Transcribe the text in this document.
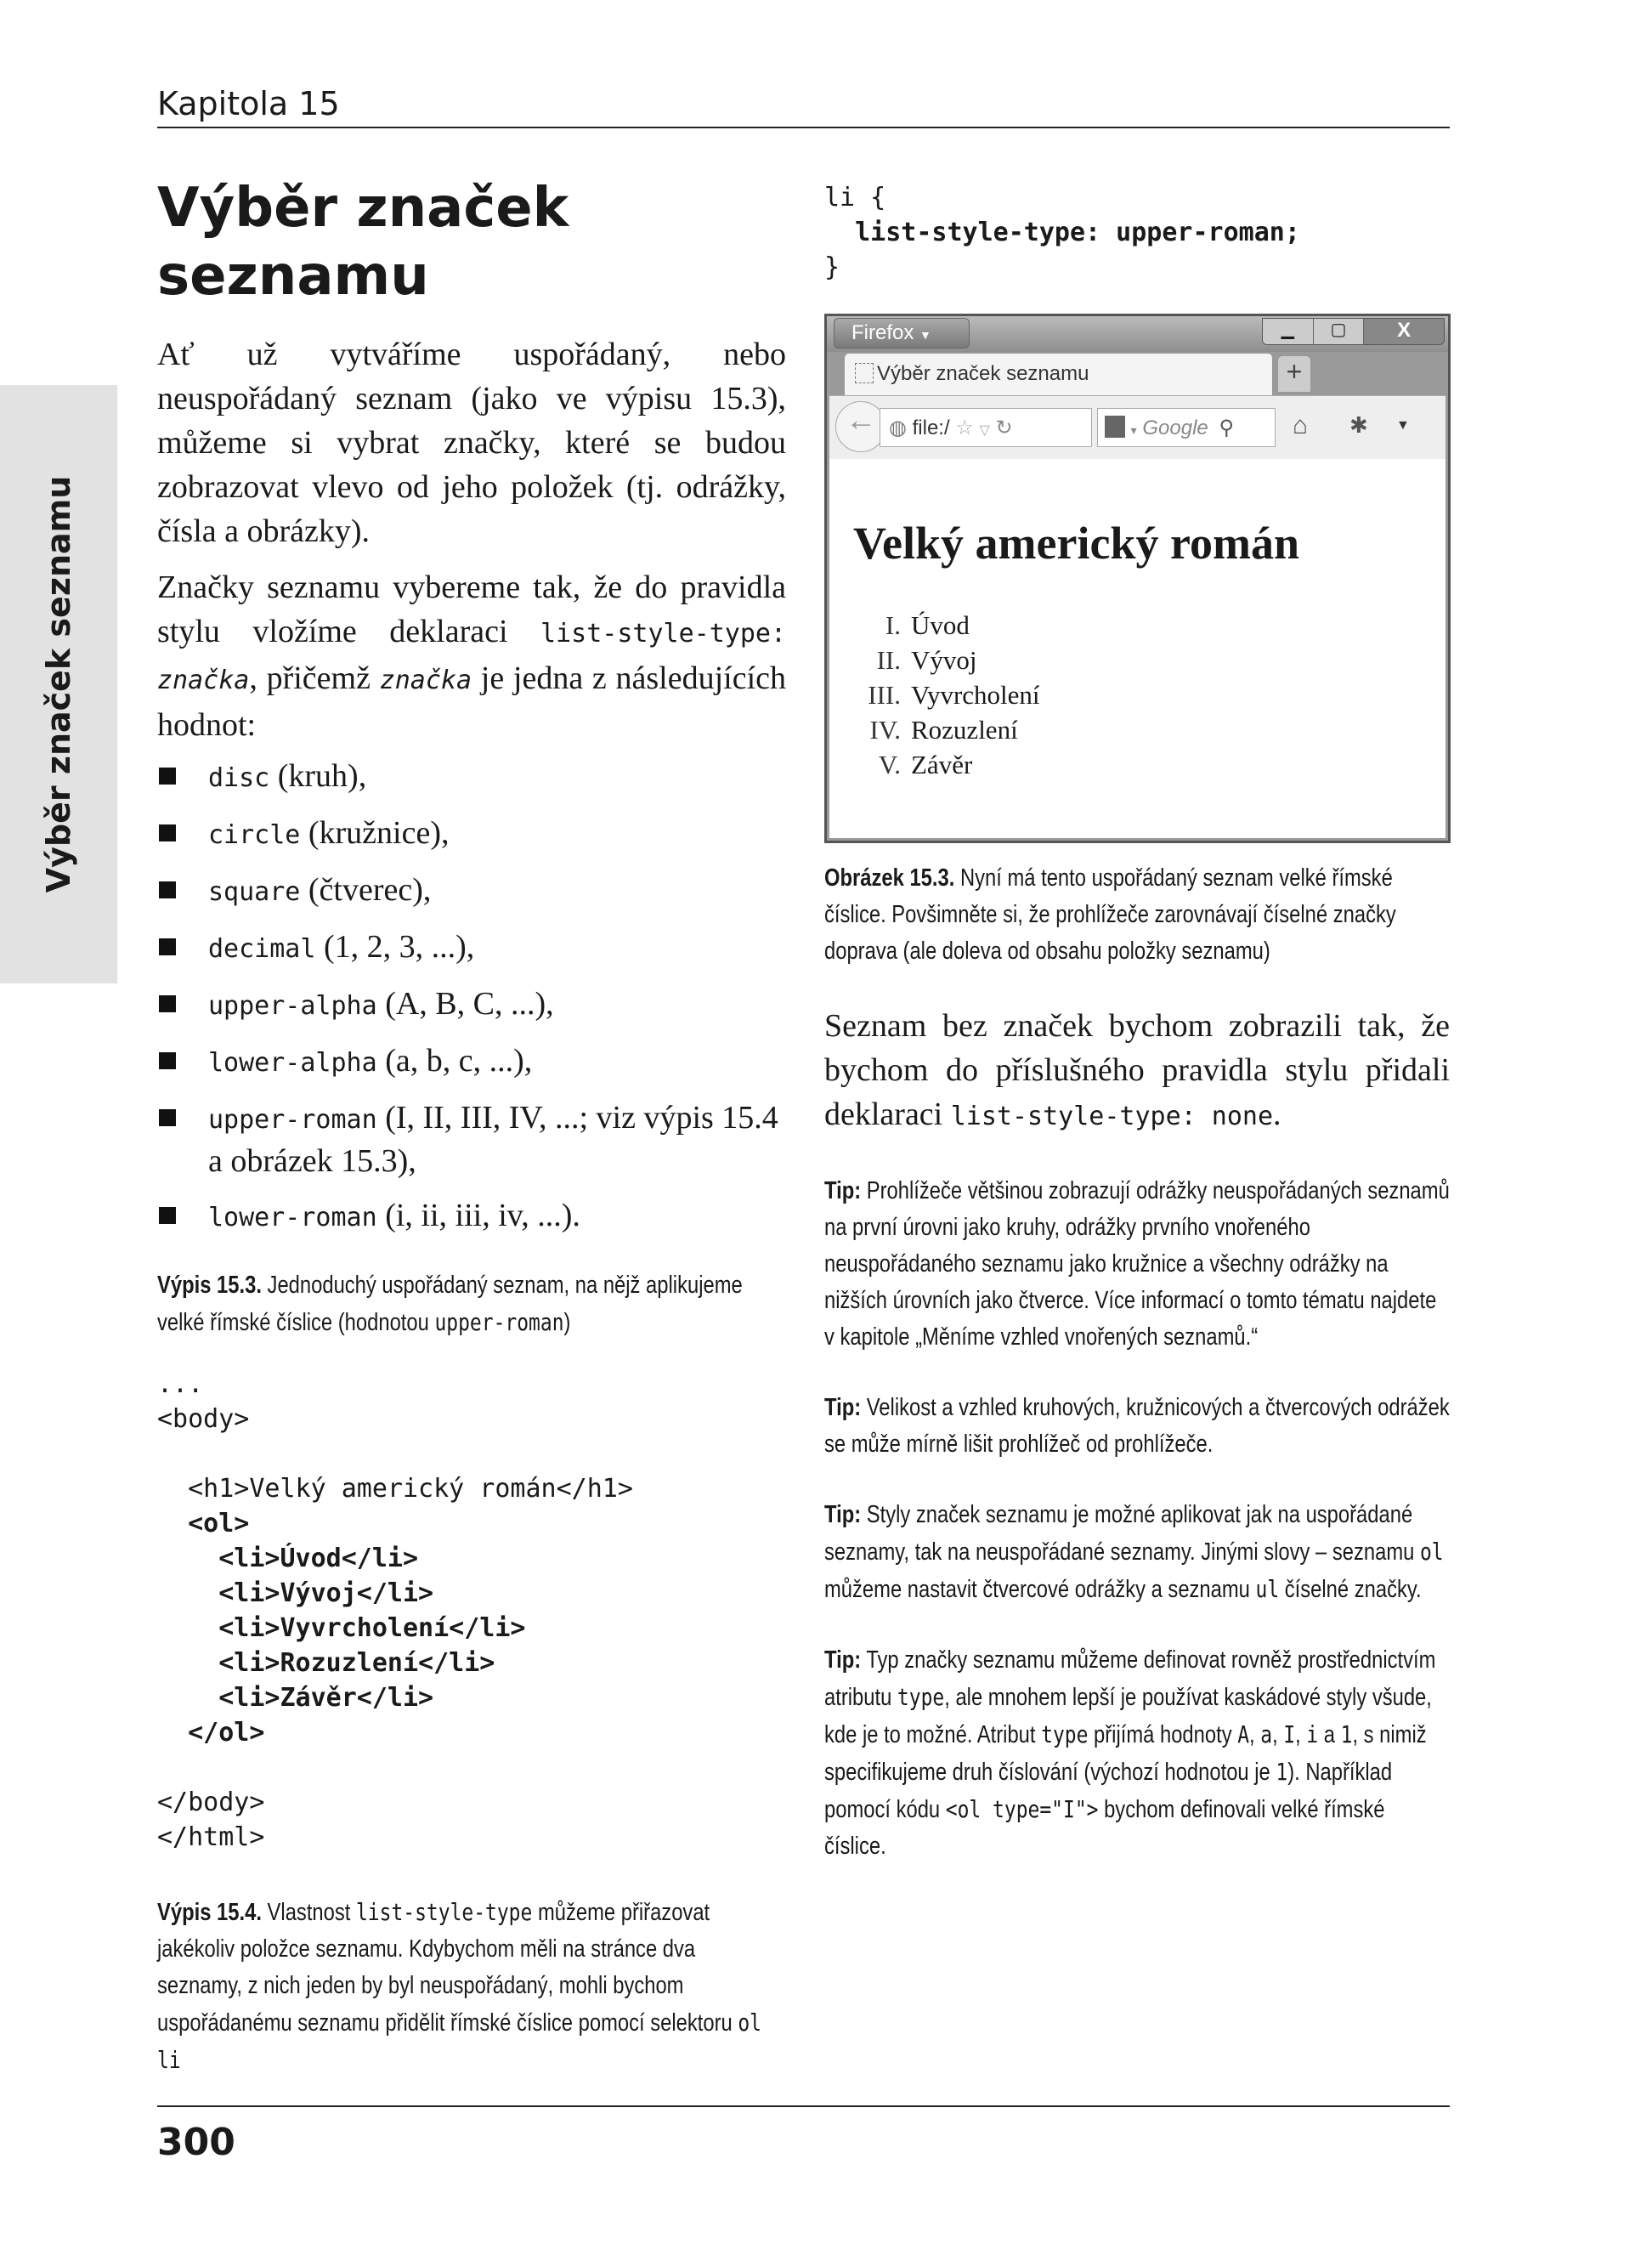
Kapitola 15
Výběr značek seznamu
Výběr značek seznamu

Ať už vytváříme uspořádaný, nebo neuspořádaný seznam (jako ve výpisu 15.3), můžeme si vybrat značky, které se budou zobrazovat vlevo od jeho položek (tj. odrážky, čísla a obrázky).

Značky seznamu vybereme tak, že do pravidla stylu vložíme deklaraci list-style-type: značka, přičemž značka je jedna z následujících hodnot:

disc (kruh),
circle (kružnice),
square (čtverec),
decimal (1, 2, 3, ...),
upper-alpha (A, B, C, ...),
lower-alpha (a, b, c, ...),
upper-roman (I, II, III, IV, ...; viz výpis 15.4 a obrázek 15.3),
lower-roman (i, ii, iii, iv, ...).

Výpis 15.3. Jednoduchý uspořádaný seznam, na nějž aplikujeme velké římské číslice (hodnotou upper-roman)

...
<body>
<h1>Velký americký román</h1>
<ol>
<li>Úvod</li>
<li>Vývoj</li>
<li>Vyvrcholení</li>
<li>Rozuzlení</li>
<li>Závěr</li>
</ol>
</body>
</html>

Výpis 15.4. Vlastnost list-style-type můžeme přiřazovat jakékoliv položce seznamu. Kdybychom měli na stránce dva seznamy, z nich jeden by byl neuspořádaný, mohli bychom uspořádanému seznamu přidělit římské číslice pomocí selektoru ol li

li {
list-style-type: upper-roman;
}
Firefox ▼	▁	▢	X
Výběr značek seznamu	+
← ◍ file:/ ☆ ▽ ↻	▾ Google ⚲	⌂ ✱ ▼
Velký americký román
I. Úvod
II. Vývoj
III. Vyvrcholení
IV. Rozuzlení
V. Závěr

Obrázek 15.3. Nyní má tento uspořádaný seznam velké římské číslice. Povšimněte si, že prohlížeče zarovnávají číselné značky doprava (ale doleva od obsahu položky seznamu)

Seznam bez značek bychom zobrazili tak, že bychom do příslušného pravidla stylu přidali deklaraci list-style-type: none.

Tip: Prohlížeče většinou zobrazují odrážky neuspořádaných seznamů na první úrovni jako kruhy, odrážky prvního vnořeného neuspořádaného seznamu jako kružnice a všechny odrážky na nižších úrovních jako čtverce. Více informací o tomto tématu najdete v kapitole „Měníme vzhled vnořených seznamů.“

Tip: Velikost a vzhled kruhových, kružnicových a čtvercových odrážek se může mírně lišit prohlížeč od prohlížeče.

Tip: Styly značek seznamu je možné aplikovat jak na uspořádané seznamy, tak na neuspořádané seznamy. Jinými slovy – seznamu ol můžeme nastavit čtvercové odrážky a seznamu ul číselné značky.

Tip: Typ značky seznamu můžeme definovat rovněž prostřednictvím atributu type, ale mnohem lepší je používat kaskádové styly všude, kde je to možné. Atribut type přijímá hodnoty A, a, I, i a 1, s nimiž specifikujeme druh číslování (výchozí hodnotou je 1). Například pomocí kódu <ol type="I"> bychom definovali velké římské číslice.

300
